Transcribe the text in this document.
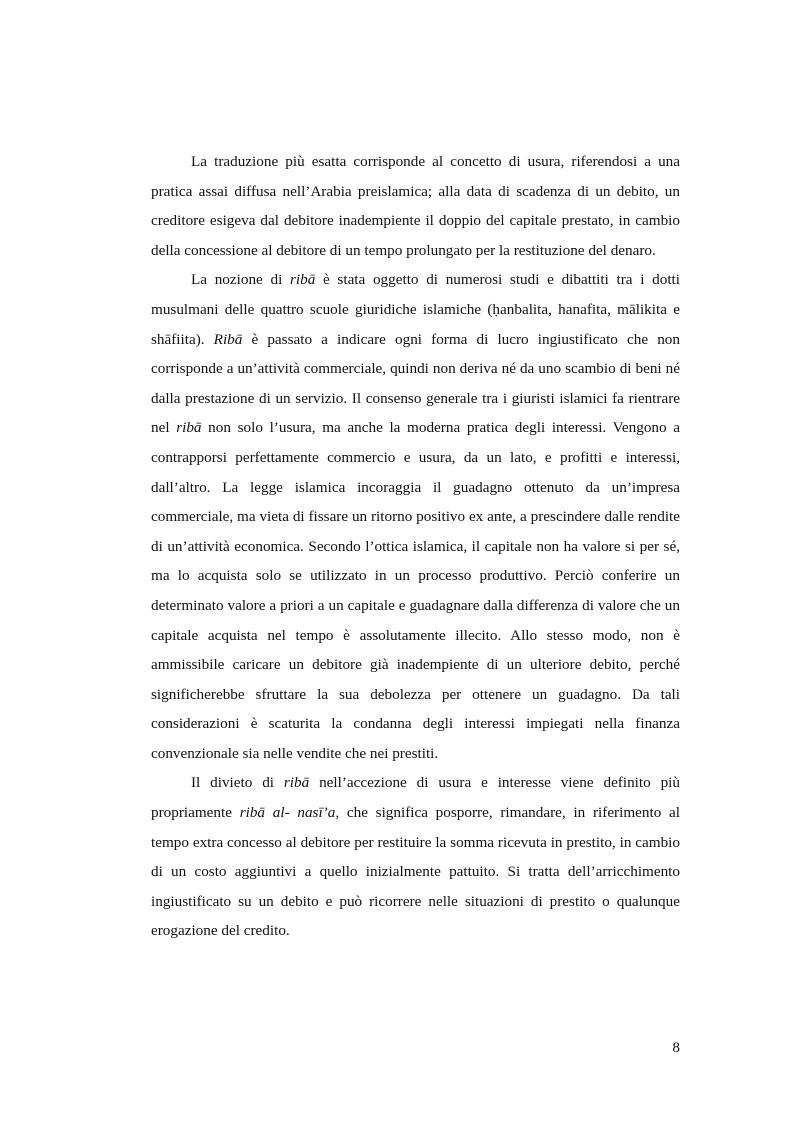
La traduzione più esatta corrisponde al concetto di usura, riferendosi a una pratica assai diffusa nell’Arabia preislamica; alla data di scadenza di un debito, un creditore esigeva dal debitore inadempiente il doppio del capitale prestato, in cambio della concessione al debitore di un tempo prolungato per la restituzione del denaro.

La nozione di ribā è stata oggetto di numerosi studi e dibattiti tra i dotti musulmani delle quattro scuole giuridiche islamiche (ḥanbalita, hanafita, mālikita e shāfiita). Ribā è passato a indicare ogni forma di lucro ingiustificato che non corrisponde a un’attività commerciale, quindi non deriva né da uno scambio di beni né dalla prestazione di un servizio. Il consenso generale tra i giuristi islamici fa rientrare nel ribā non solo l’usura, ma anche la moderna pratica degli interessi. Vengono a contrapporsi perfettamente commercio e usura, da un lato, e profitti e interessi, dall’altro. La legge islamica incoraggia il guadagno ottenuto da un’impresa commerciale, ma vieta di fissare un ritorno positivo ex ante, a prescindere dalle rendite di un’attività economica. Secondo l’ottica islamica, il capitale non ha valore si per sé, ma lo acquista solo se utilizzato in un processo produttivo. Perciò conferire un determinato valore a priori a un capitale e guadagnare dalla differenza di valore che un capitale acquista nel tempo è assolutamente illecito. Allo stesso modo, non è ammissibile caricare un debitore già inadempiente di un ulteriore debito, perché significherebbe sfruttare la sua debolezza per ottenere un guadagno. Da tali considerazioni è scaturita la condanna degli interessi impiegati nella finanza convenzionale sia nelle vendite che nei prestiti.

Il divieto di ribā nell’accezione di usura e interesse viene definito più propriamente ribā al- nasī’a, che significa posporre, rimandare, in riferimento al tempo extra concesso al debitore per restituire la somma ricevuta in prestito, in cambio di un costo aggiuntivi a quello inizialmente pattuito. Si tratta dell’arricchimento ingiustificato su un debito e può ricorrere nelle situazioni di prestito o qualunque erogazione del credito.

8
